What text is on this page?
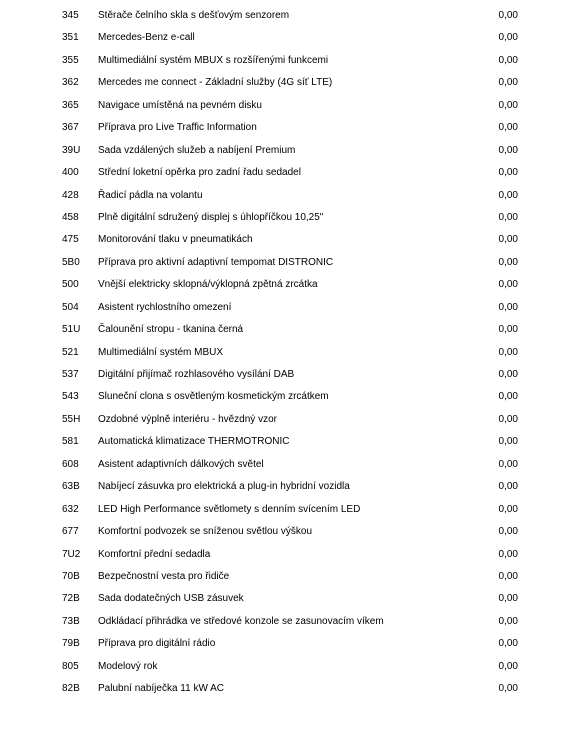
345	Stěrače čelního skla s dešťovým senzorem	0,00
351	Mercedes-Benz e-call	0,00
355	Multimediální systém MBUX s rozšířenými funkcemi	0,00
362	Mercedes me connect - Základní služby (4G síť LTE)	0,00
365	Navigace umístěná na pevném disku	0,00
367	Příprava pro Live Traffic Information	0,00
39U	Sada vzdálených služeb a nabíjení Premium	0,00
400	Střední loketní opěrka pro zadní řadu sedadel	0,00
428	Řadicí pádla na volantu	0,00
458	Plně digitální sdružený displej s úhlopříčkou 10,25"	0,00
475	Monitorování tlaku v pneumatikách	0,00
5B0	Příprava pro aktivní adaptivní tempomat DISTRONIC	0,00
500	Vnější elektricky sklopná/výklopná zpětná zrcátka	0,00
504	Asistent rychlostního omezení	0,00
51U	Čalounění stropu - tkanina černá	0,00
521	Multimediální systém MBUX	0,00
537	Digitální přijímač rozhlasového vysílání DAB	0,00
543	Sluneční clona s osvětleným kosmetickým zrcátkem	0,00
55H	Ozdobné výplně interiéru - hvězdný vzor	0,00
581	Automatická klimatizace THERMOTRONIC	0,00
608	Asistent adaptivních dálkových světel	0,00
63B	Nabíjecí zásuvka pro elektrická a plug-in hybridní vozidla	0,00
632	LED High Performance světlomety s denním svícením LED	0,00
677	Komfortní podvozek se sníženou světlou výškou	0,00
7U2	Komfortní přední sedadla	0,00
70B	Bezpečnostní vesta pro řidiče	0,00
72B	Sada dodatečných USB zásuvek	0,00
73B	Odkládací přihrádka ve středové konzole se zasunovacím víkem	0,00
79B	Příprava pro digitální rádio	0,00
805	Modelový rok	0,00
82B	Palubní nabíječka 11 kW AC	0,00
